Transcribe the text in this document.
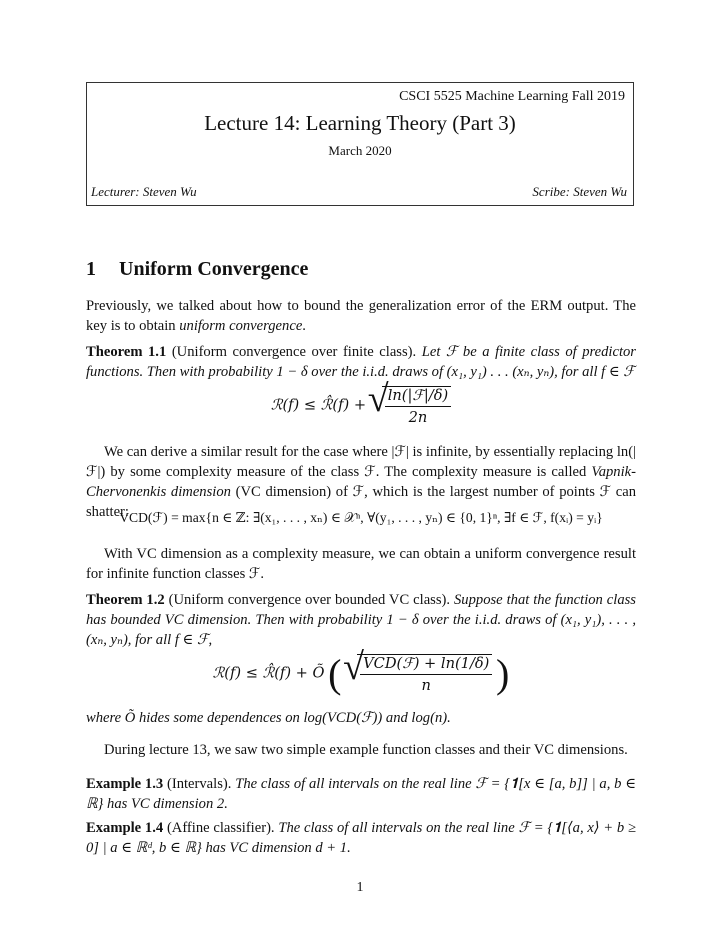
CSCI 5525 Machine Learning Fall 2019
Lecture 14: Learning Theory (Part 3)
March 2020
Lecturer: Steven Wu	Scribe: Steven Wu
1 Uniform Convergence
Previously, we talked about how to bound the generalization error of the ERM output. The key is to obtain uniform convergence.
Theorem 1.1 (Uniform convergence over finite class). Let ℱ be a finite class of predictor functions. Then with probability 1 − δ over the i.i.d. draws of (x₁, y₁) . . . (xₙ, yₙ), for all f ∈ ℱ
ℛ(f) ≤ ℛ̂(f) + √
$\frac{\text{ln(|ℱ|/δ)}}{2n}$
We can derive a similar result for the case where |ℱ| is infinite, by essentially replacing ln(|ℱ|) by some complexity measure of the class ℱ. The complexity measure is called Vapnik-Chervonenkis dimension (VC dimension) of ℱ, which is the largest number of points ℱ can shatter:
VCD(ℱ) = max{n ∈ ℤ: ∃(x₁, . . . , xₙ) ∈ 𝒳ⁿ, ∀(y₁, . . . , yₙ) ∈ {0, 1}ⁿ, ∃f ∈ ℱ, f(xᵢ) = yᵢ}
With VC dimension as a complexity measure, we can obtain a uniform convergence result for infinite function classes ℱ.
Theorem 1.2 (Uniform convergence over bounded VC class). Suppose that the function class has bounded VC dimension. Then with probability 1 − δ over the i.i.d. draws of (x₁, y₁), . . . , (xₙ, yₙ), for all f ∈ ℱ,
ℛ(f) ≤ ℛ̂(f) + Õ ( √
$\frac{\text{VCD(ℱ) + ln(1/δ)}}{n}$ )
where Õ hides some dependences on log(VCD(ℱ)) and log(n).
During lecture 13, we saw two simple example function classes and their VC dimensions.
Example 1.3 (Intervals). The class of all intervals on the real line ℱ = {𝟏[x ∈ [a, b]] | a, b ∈ ℝ} has VC dimension 2.
Example 1.4 (Affine classifier). The class of all intervals on the real line ℱ = {𝟏[⟨a, x⟩ + b ≥ 0] | a ∈ ℝᵈ, b ∈ ℝ} has VC dimension d + 1.
1
